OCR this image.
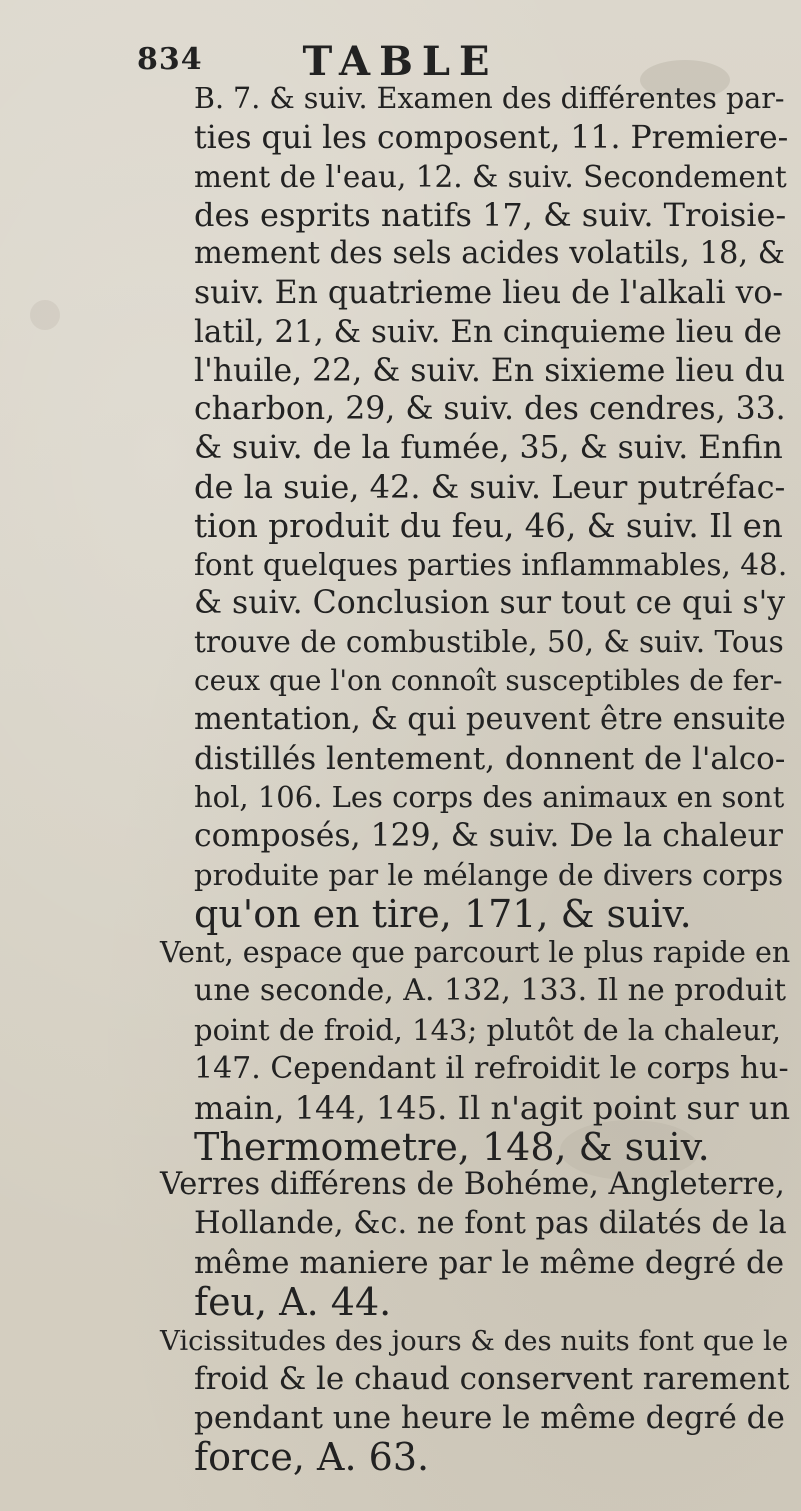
834	TABLE
B. 7. & suiv. Examen des différentes par-
ties qui les composent, 11. Premiere-
ment de l'eau, 12. & suiv. Secondement
des esprits natifs 17, & suiv. Troisie-
mement des sels acides volatils, 18, &
suiv. En quatrieme lieu de l'alkali vo-
latil, 21, & suiv. En cinquieme lieu de
l'huile, 22, & suiv. En sixieme lieu du
charbon, 29, & suiv. des cendres, 33.
& suiv. de la fumée, 35, & suiv. Enfin
de la suie, 42. & suiv. Leur putréfac-
tion produit du feu, 46, & suiv. Il en
font quelques parties inflammables, 48.
& suiv. Conclusion sur tout ce qui s'y
trouve de combustible, 50, & suiv. Tous
ceux que l'on connoît susceptibles de fer-
mentation, & qui peuvent être ensuite
distillés lentement, donnent de l'alco-
hol, 106. Les corps des animaux en sont
composés, 129, & suiv. De la chaleur
produite par le mélange de divers corps
qu'on en tire, 171, & suiv.
Vent, espace que parcourt le plus rapide en
une seconde, A. 132, 133. Il ne produit
point de froid, 143; plutôt de la chaleur,
147. Cependant il refroidit le corps hu-
main, 144, 145. Il n'agit point sur un
Thermometre, 148, & suiv.
Verres différens de Bohéme, Angleterre,
Hollande, &c. ne font pas dilatés de la
même maniere par le même degré de
feu, A. 44.
Vicissitudes des jours & des nuits font que le
froid & le chaud conservent rarement
pendant une heure le même degré de
force, A. 63.
